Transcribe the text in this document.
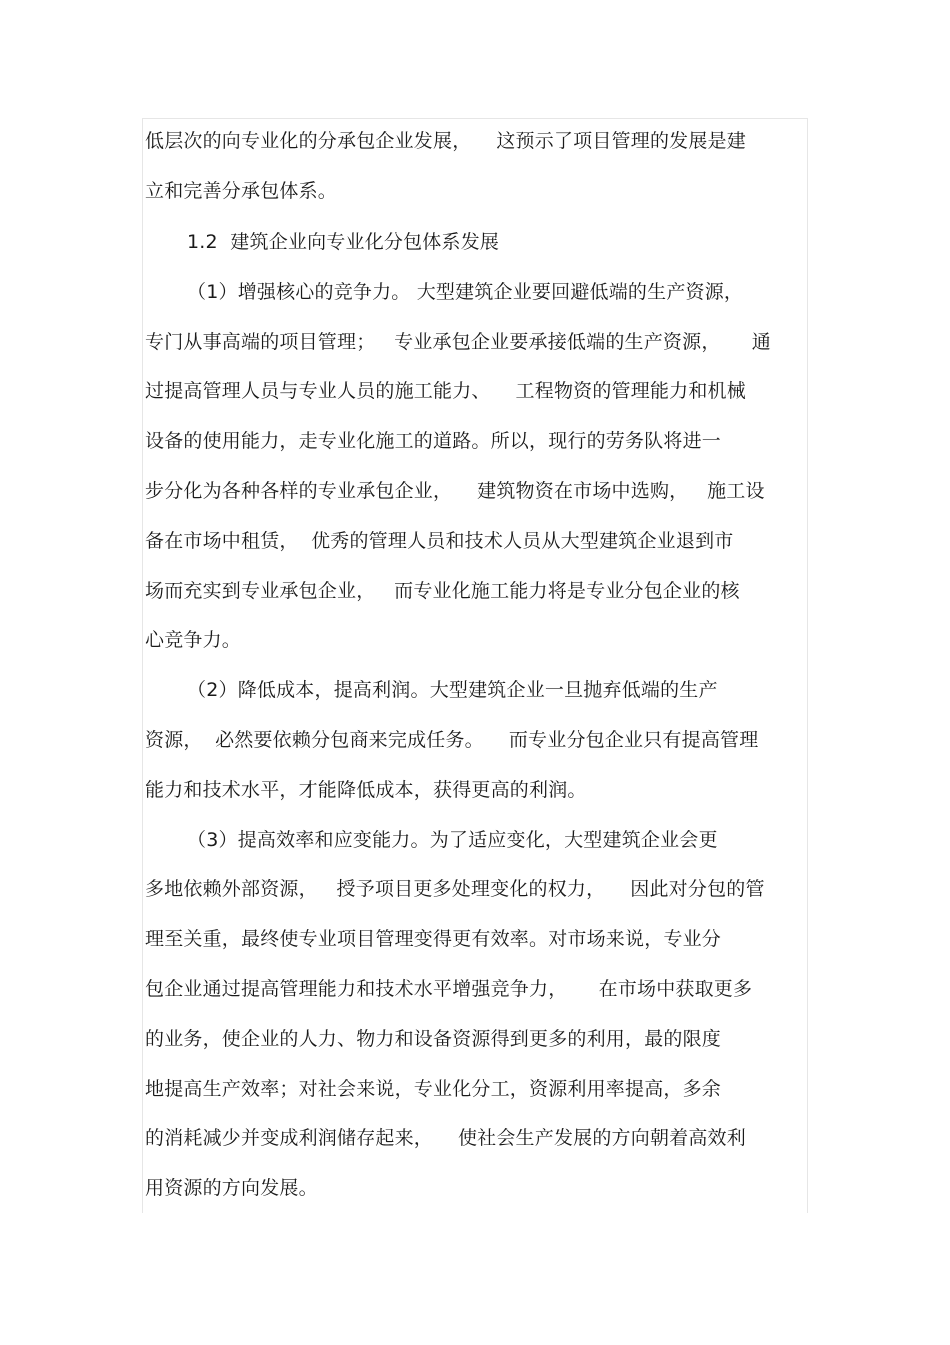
低层次的向专业化的分承包企业发展，    这预示了项目管理的发展是建
立和完善分承包体系。
1.2  建筑企业向专业化分包体系发展
（1）增强核心的竞争力。 大型建筑企业要回避低端的生产资源，
专门从事高端的项目管理；   专业承包企业要承接低端的生产资源，     通
过提高管理人员与专业人员的施工能力、    工程物资的管理能力和机械
设备的使用能力，走专业化施工的道路。所以，现行的劳务队将进一
步分化为各种各样的专业承包企业，    建筑物资在市场中选购，   施工设
备在市场中租赁，  优秀的管理人员和技术人员从大型建筑企业退到市
场而充实到专业承包企业，   而专业化施工能力将是专业分包企业的核
心竞争力。
（2）降低成本，提高利润。大型建筑企业一旦抛弃低端的生产
资源，  必然要依赖分包商来完成任务。    而专业分包企业只有提高管理
能力和技术水平，才能降低成本，获得更高的利润。
（3）提高效率和应变能力。为了适应变化，大型建筑企业会更
多地依赖外部资源，   授予项目更多处理变化的权力，    因此对分包的管
理至关重，最终使专业项目管理变得更有效率。对市场来说，专业分
包企业通过提高管理能力和技术水平增强竞争力，     在市场中获取更多
的业务，使企业的人力、物力和设备资源得到更多的利用，最的限度
地提高生产效率；对社会来说，专业化分工，资源利用率提高，多余
的消耗减少并变成利润储存起来，    使社会生产发展的方向朝着高效利
用资源的方向发展。
